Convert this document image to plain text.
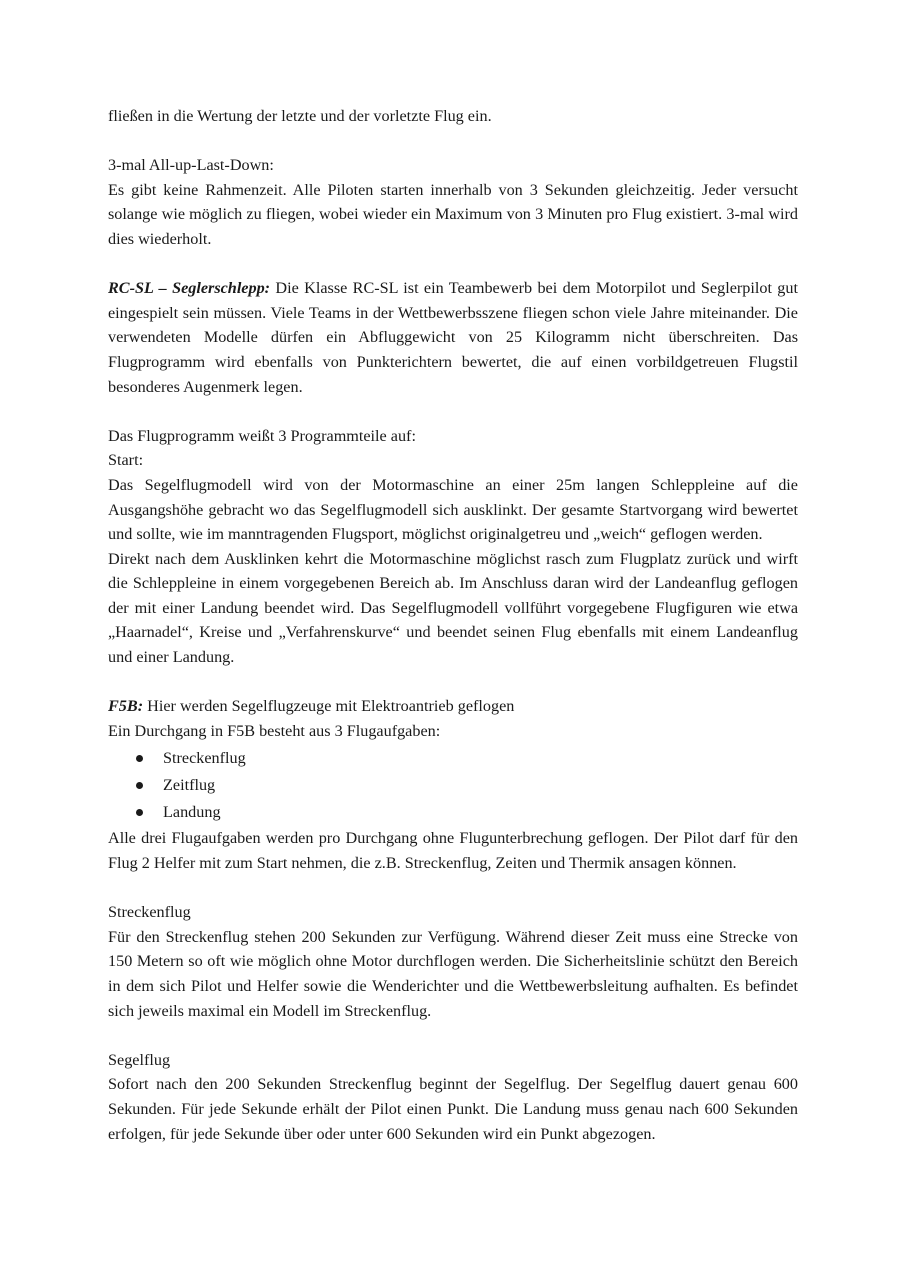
fließen in die Wertung der letzte und der vorletzte Flug ein.

3-mal All-up-Last-Down:

Es gibt keine Rahmenzeit. Alle Piloten starten innerhalb von 3 Sekunden gleichzeitig. Jeder versucht solange wie möglich zu fliegen, wobei wieder ein Maximum von 3 Minuten pro Flug existiert. 3-mal wird dies wiederholt.

RC-SL – Seglerschlepp: Die Klasse RC-SL ist ein Teambewerb bei dem Motorpilot und Seglerpilot gut eingespielt sein müssen. Viele Teams in der Wettbewerbsszene fliegen schon viele Jahre miteinander. Die verwendeten Modelle dürfen ein Abfluggewicht von 25 Kilogramm nicht überschreiten. Das Flugprogramm wird ebenfalls von Punkterichtern bewertet, die auf einen vorbildgetreuen Flugstil besonderes Augenmerk legen.

Das Flugprogramm weißt 3 Programmteile auf:

Start:

Das Segelflugmodell wird von der Motormaschine an einer 25m langen Schleppleine auf die Ausgangshöhe gebracht wo das Segelflugmodell sich ausklinkt. Der gesamte Startvorgang wird bewertet und sollte, wie im manntragenden Flugsport, möglichst originalgetreu und „weich“ geflogen werden.

Direkt nach dem Ausklinken kehrt die Motormaschine möglichst rasch zum Flugplatz zurück und wirft die Schleppleine in einem vorgegebenen Bereich ab. Im Anschluss daran wird der Landeanflug geflogen der mit einer Landung beendet wird. Das Segelflugmodell vollführt vorgegebene Flugfiguren wie etwa „Haarnadel“, Kreise und „Verfahrenskurve“ und beendet seinen Flug ebenfalls mit einem Landeanflug und einer Landung.

F5B: Hier werden Segelflugzeuge mit Elektroantrieb geflogen

Ein Durchgang in F5B besteht aus 3 Flugaufgaben:

Streckenflug
Zeitflug
Landung

Alle drei Flugaufgaben werden pro Durchgang ohne Flugunterbrechung geflogen. Der Pilot darf für den Flug 2 Helfer mit zum Start nehmen, die z.B. Streckenflug, Zeiten und Thermik ansagen können.

Streckenflug

Für den Streckenflug stehen 200 Sekunden zur Verfügung. Während dieser Zeit muss eine Strecke von 150 Metern so oft wie möglich ohne Motor durchflogen werden. Die Sicherheitslinie schützt den Bereich in dem sich Pilot und Helfer sowie die Wenderichter und die Wettbewerbsleitung aufhalten. Es befindet sich jeweils maximal ein Modell im Streckenflug.

Segelflug

Sofort nach den 200 Sekunden Streckenflug beginnt der Segelflug. Der Segelflug dauert genau 600 Sekunden. Für jede Sekunde erhält der Pilot einen Punkt. Die Landung muss genau nach 600 Sekunden erfolgen, für jede Sekunde über oder unter 600 Sekunden wird ein Punkt abgezogen.
